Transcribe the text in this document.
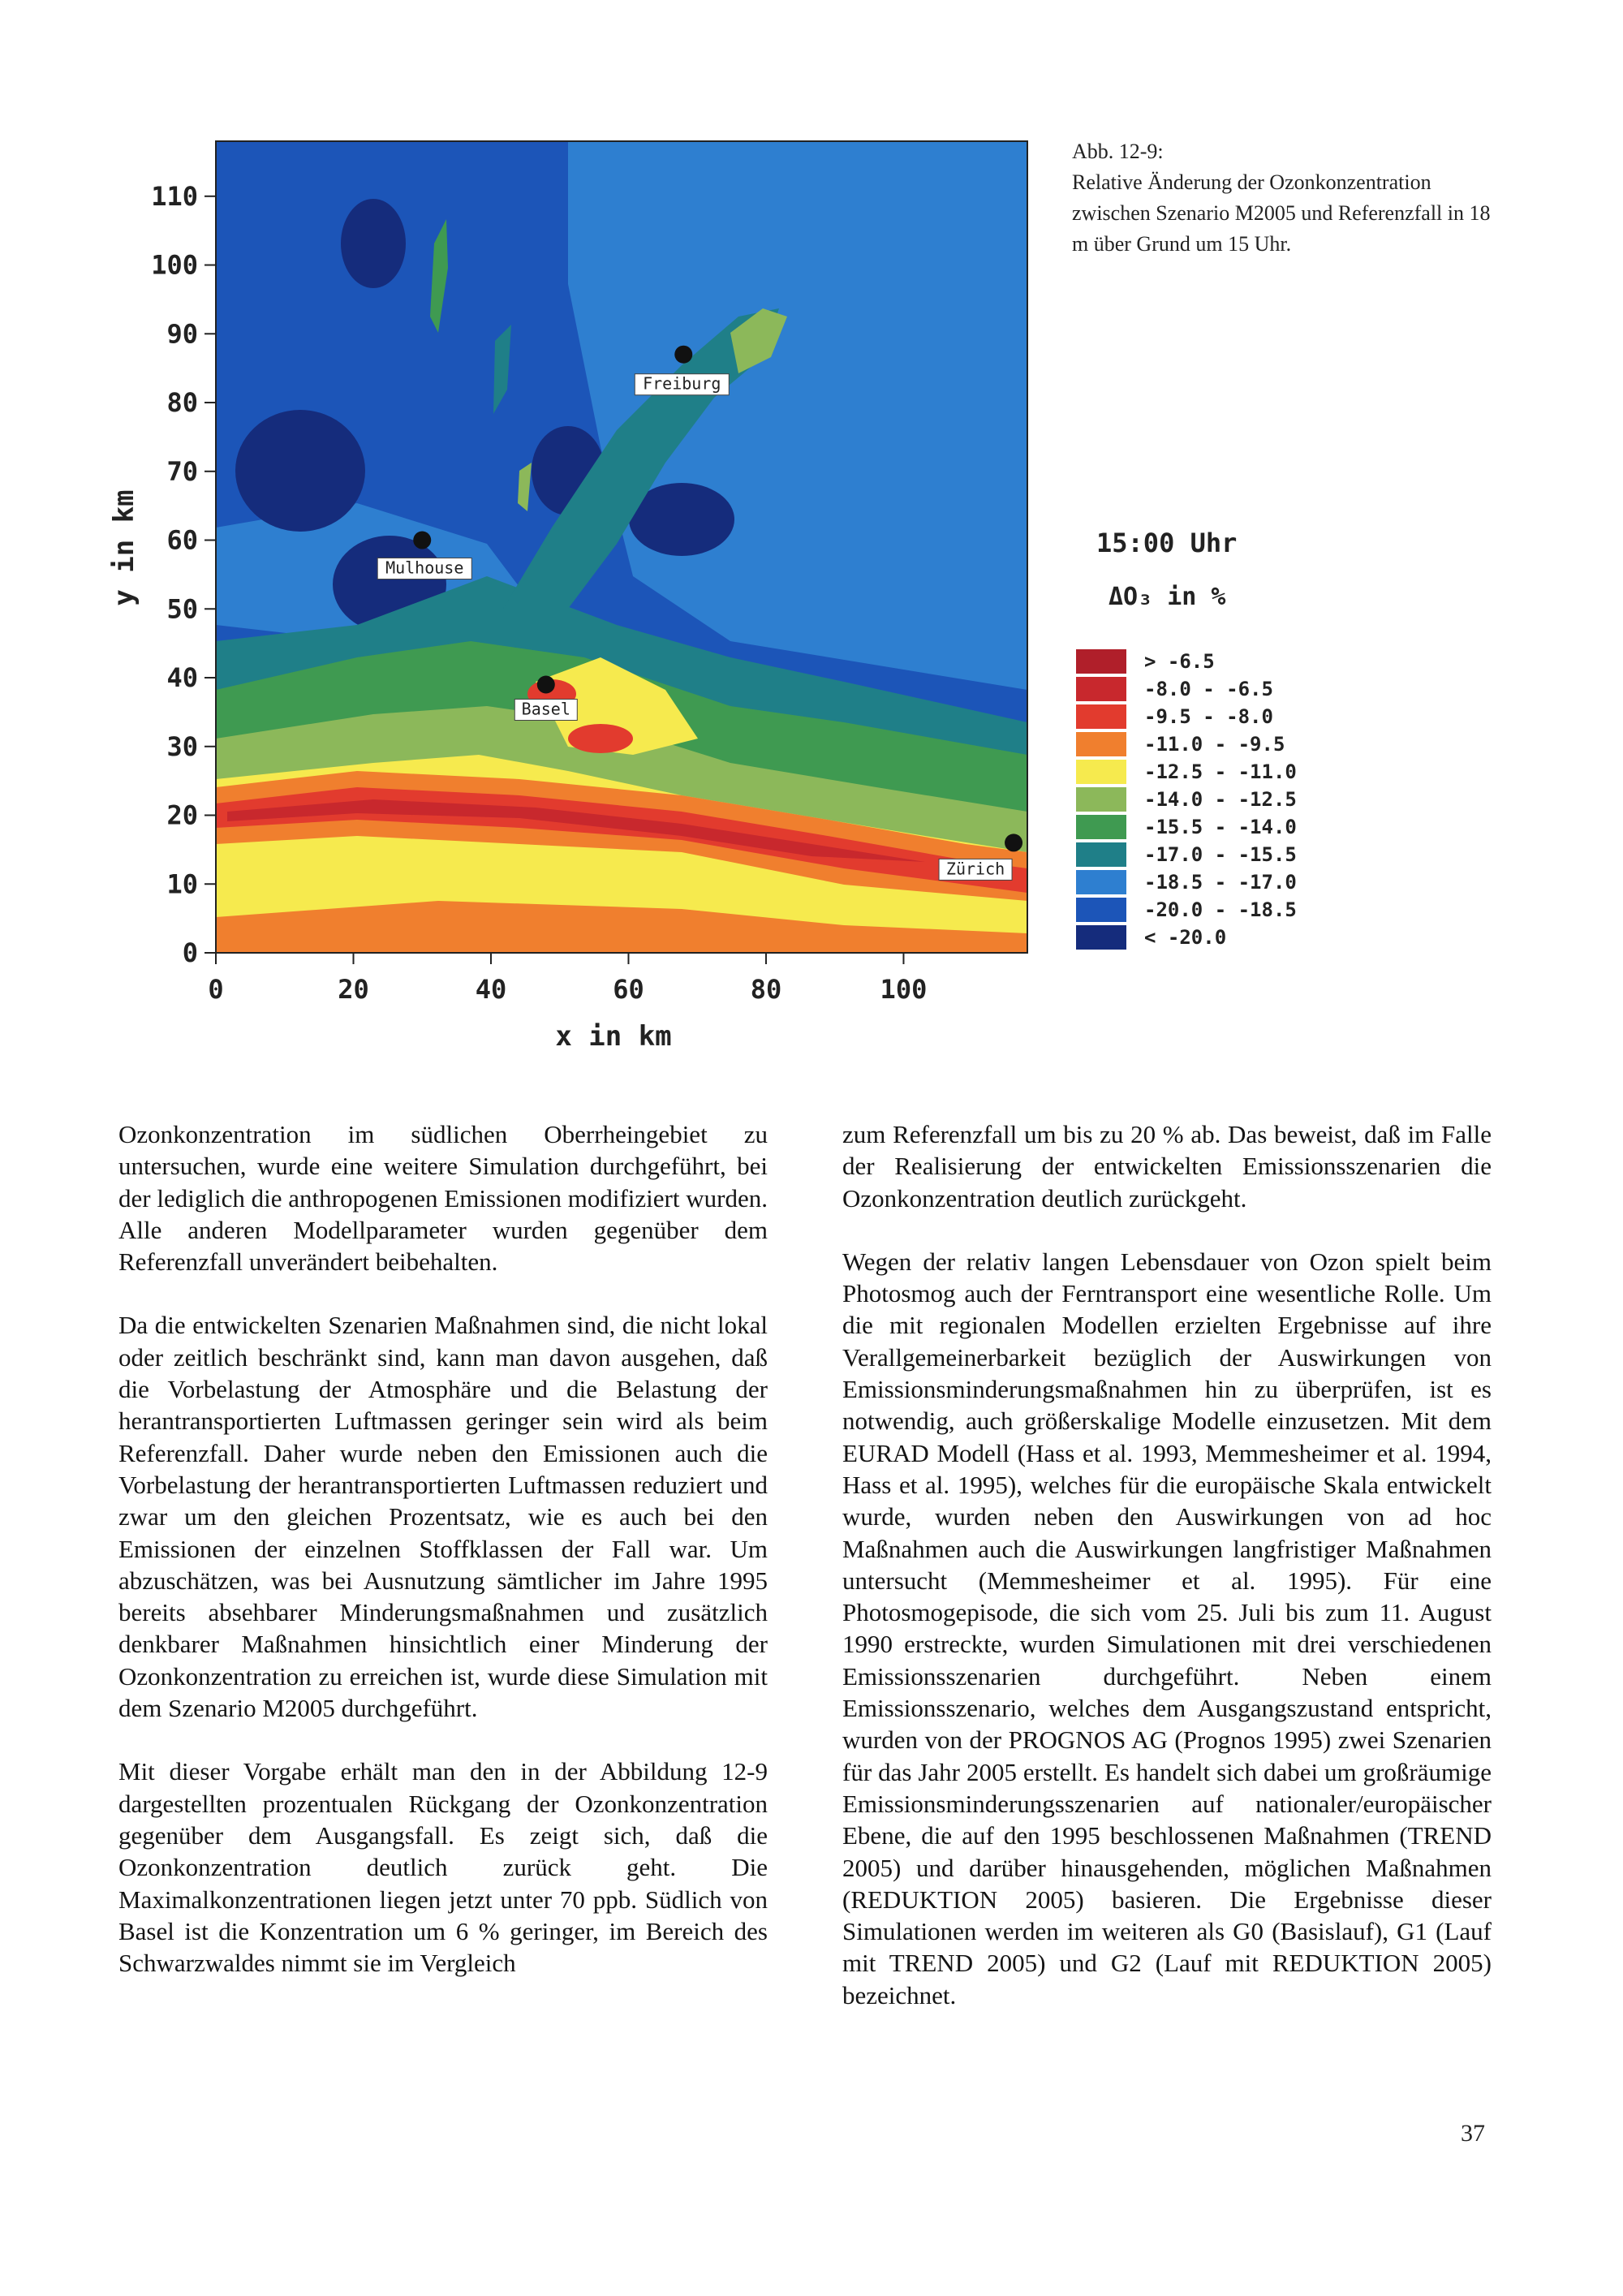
0	20	40	60	80	100
0
10
20
30
40
50
60
70
80
90
100
110
x in km
y in km
Freiburg
Mulhouse
Basel
Zürich
15:00 Uhr
ΔO₃ in %
> -6.5
-8.0 - -6.5
-9.5 - -8.0
-11.0 - -9.5
-12.5 - -11.0
-14.0 - -12.5
-15.5 - -14.0
-17.0 - -15.5
-18.5 - -17.0
-20.0 - -18.5
< -20.0
Abb. 12-9:
Relative Änderung der Ozonkonzentration zwischen Szenario M2005 und Referenzfall in 18 m über Grund um 15 Uhr.

Ozonkonzentration im südlichen Oberrheingebiet zu untersuchen, wurde eine weitere Simulation durchgeführt, bei der lediglich die anthropogenen Emissionen modifiziert wurden. Alle anderen Modellparameter wurden gegenüber dem Referenzfall unverändert beibehalten.

Da die entwickelten Szenarien Maßnahmen sind, die nicht lokal oder zeitlich beschränkt sind, kann man davon ausgehen, daß die Vorbelastung der Atmosphäre und die Belastung der herantransportierten Luftmassen geringer sein wird als beim Referenzfall. Daher wurde neben den Emissionen auch die Vorbelastung der herantransportierten Luftmassen reduziert und zwar um den gleichen Prozentsatz, wie es auch bei den Emissionen der einzelnen Stoffklassen der Fall war. Um abzuschätzen, was bei Ausnutzung sämtlicher im Jahre 1995 bereits absehbarer Minderungsmaßnahmen und zusätzlich denkbarer Maßnahmen hinsichtlich einer Minderung der Ozonkonzentration zu erreichen ist, wurde diese Simulation mit dem Szenario M2005 durchgeführt.

Mit dieser Vorgabe erhält man den in der Abbildung 12-9 dargestellten prozentualen Rückgang der Ozonkonzentration gegenüber dem Ausgangsfall. Es zeigt sich, daß die Ozonkonzentration deutlich zurück geht. Die Maximalkonzentrationen liegen jetzt unter 70 ppb. Südlich von Basel ist die Konzentration um 6 % geringer, im Bereich des Schwarzwaldes nimmt sie im Vergleich

zum Referenzfall um bis zu 20 % ab. Das beweist, daß im Falle der Realisierung der entwickelten Emissionsszenarien die Ozonkonzentration deutlich zurückgeht.

Wegen der relativ langen Lebensdauer von Ozon spielt beim Photosmog auch der Ferntransport eine wesentliche Rolle. Um die mit regionalen Modellen erzielten Ergebnisse auf ihre Verallgemeinerbarkeit bezüglich der Auswirkungen von Emissionsminderungsmaßnahmen hin zu überprüfen, ist es notwendig, auch größerskalige Modelle einzusetzen. Mit dem EURAD Modell (Hass et al. 1993, Memmesheimer et al. 1994, Hass et al. 1995), welches für die europäische Skala entwickelt wurde, wurden neben den Auswirkungen von ad hoc Maßnahmen auch die Auswirkungen langfristiger Maßnahmen untersucht (Memmesheimer et al. 1995). Für eine Photosmogepisode, die sich vom 25. Juli bis zum 11. August 1990 erstreckte, wurden Simulationen mit drei verschiedenen Emissionsszenarien durchgeführt. Neben einem Emissionsszenario, welches dem Ausgangszustand entspricht, wurden von der PROGNOS AG (Prognos 1995) zwei Szenarien für das Jahr 2005 erstellt. Es handelt sich dabei um großräumige Emissionsminderungsszenarien auf nationaler/europäischer Ebene, die auf den 1995 beschlossenen Maßnahmen (TREND 2005) und darüber hinausgehenden, möglichen Maßnahmen (REDUKTION 2005) basieren. Die Ergebnisse dieser Simulationen werden im weiteren als G0 (Basislauf), G1 (Lauf mit TREND 2005) und G2 (Lauf mit REDUKTION 2005) bezeichnet.

37
